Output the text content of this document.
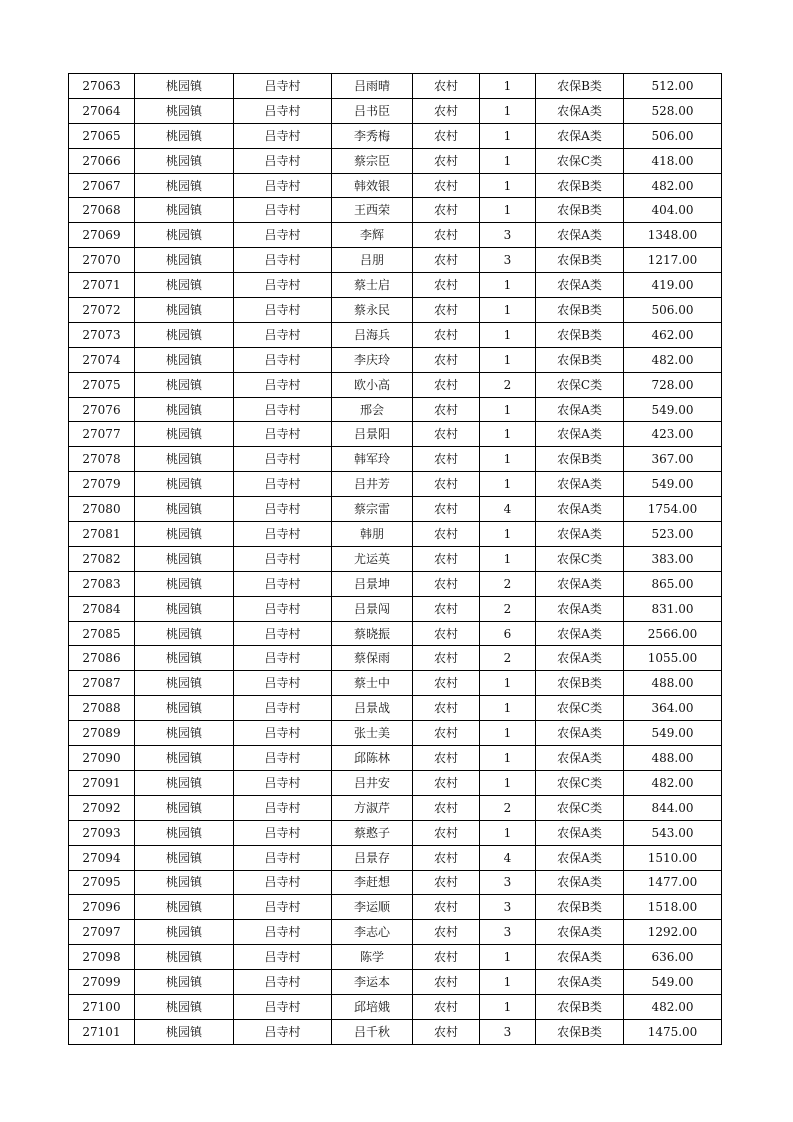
27063	桃园镇	吕寺村	吕雨晴	农村	1	农保B类	512.00
27064	桃园镇	吕寺村	吕书臣	农村	1	农保A类	528.00
27065	桃园镇	吕寺村	李秀梅	农村	1	农保A类	506.00
27066	桃园镇	吕寺村	蔡宗臣	农村	1	农保C类	418.00
27067	桃园镇	吕寺村	韩效银	农村	1	农保B类	482.00
27068	桃园镇	吕寺村	王西荣	农村	1	农保B类	404.00
27069	桃园镇	吕寺村	李辉	农村	3	农保A类	1348.00
27070	桃园镇	吕寺村	吕朋	农村	3	农保B类	1217.00
27071	桃园镇	吕寺村	蔡士启	农村	1	农保A类	419.00
27072	桃园镇	吕寺村	蔡永民	农村	1	农保B类	506.00
27073	桃园镇	吕寺村	吕海兵	农村	1	农保B类	462.00
27074	桃园镇	吕寺村	李庆玲	农村	1	农保B类	482.00
27075	桃园镇	吕寺村	欧小高	农村	2	农保C类	728.00
27076	桃园镇	吕寺村	邢会	农村	1	农保A类	549.00
27077	桃园镇	吕寺村	吕景阳	农村	1	农保A类	423.00
27078	桃园镇	吕寺村	韩军玲	农村	1	农保B类	367.00
27079	桃园镇	吕寺村	吕井芳	农村	1	农保A类	549.00
27080	桃园镇	吕寺村	蔡宗雷	农村	4	农保A类	1754.00
27081	桃园镇	吕寺村	韩朋	农村	1	农保A类	523.00
27082	桃园镇	吕寺村	尤运英	农村	1	农保C类	383.00
27083	桃园镇	吕寺村	吕景坤	农村	2	农保A类	865.00
27084	桃园镇	吕寺村	吕景闯	农村	2	农保A类	831.00
27085	桃园镇	吕寺村	蔡晓振	农村	6	农保A类	2566.00
27086	桃园镇	吕寺村	蔡保雨	农村	2	农保A类	1055.00
27087	桃园镇	吕寺村	蔡士中	农村	1	农保B类	488.00
27088	桃园镇	吕寺村	吕景战	农村	1	农保C类	364.00
27089	桃园镇	吕寺村	张士美	农村	1	农保A类	549.00
27090	桃园镇	吕寺村	邱陈林	农村	1	农保A类	488.00
27091	桃园镇	吕寺村	吕井安	农村	1	农保C类	482.00
27092	桃园镇	吕寺村	方淑芹	农村	2	农保C类	844.00
27093	桃园镇	吕寺村	蔡憨子	农村	1	农保A类	543.00
27094	桃园镇	吕寺村	吕景存	农村	4	农保A类	1510.00
27095	桃园镇	吕寺村	李赶想	农村	3	农保A类	1477.00
27096	桃园镇	吕寺村	李运顺	农村	3	农保B类	1518.00
27097	桃园镇	吕寺村	李志心	农村	3	农保A类	1292.00
27098	桃园镇	吕寺村	陈学	农村	1	农保A类	636.00
27099	桃园镇	吕寺村	李运本	农村	1	农保A类	549.00
27100	桃园镇	吕寺村	邱培娥	农村	1	农保B类	482.00
27101	桃园镇	吕寺村	吕千秋	农村	3	农保B类	1475.00
